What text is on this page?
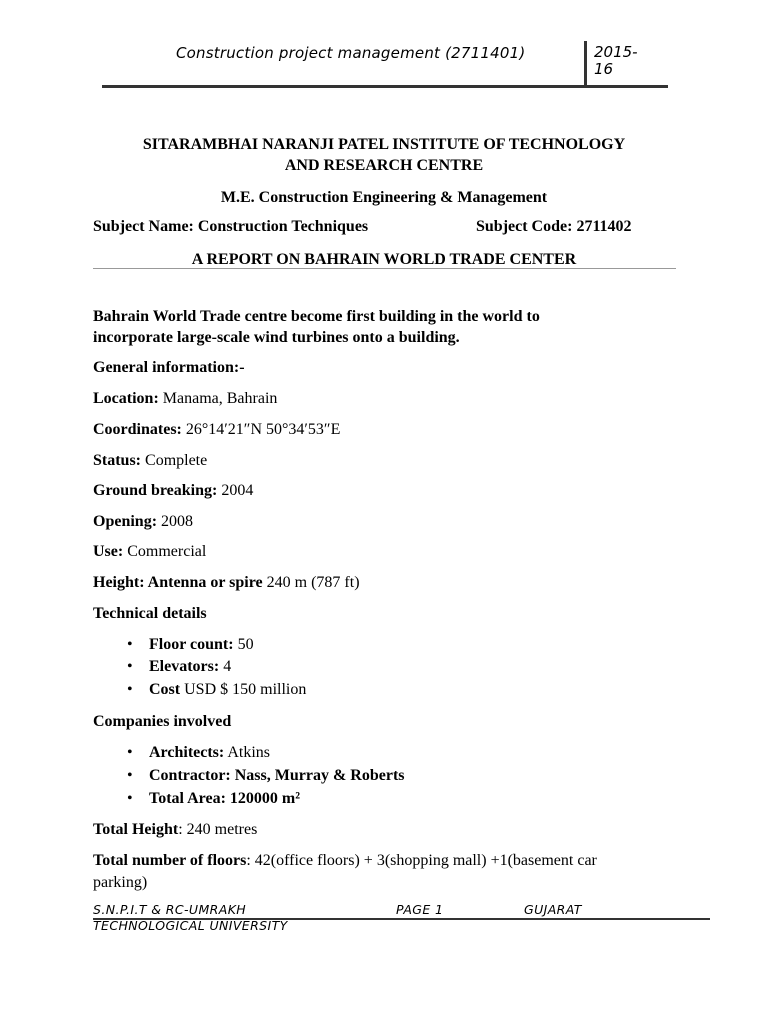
Construction project management (2711401)	2015-16
SITARAMBHAI NARANJI PATEL INSTITUTE OF TECHNOLOGY
AND RESEARCH CENTRE
M.E. Construction Engineering & Management
Subject Name: Construction Techniques	Subject Code: 2711402
A REPORT ON BAHRAIN WORLD TRADE CENTER
Bahrain World Trade centre become first building in the world to
incorporate large-scale wind turbines onto a building.
General information:-
Location: Manama, Bahrain
Coordinates: 26°14′21″N 50°34′53″E
Status: Complete
Ground breaking: 2004
Opening: 2008
Use: Commercial
Height: Antenna or spire 240 m (787 ft)
Technical details
• Floor count: 50
• Elevators: 4
• Cost USD $ 150 million
Companies involved
• Architects: Atkins
• Contractor: Nass, Murray & Roberts
• Total Area: 120000 m²
Total Height: 240 metres
Total number of floors: 42(office floors) + 3(shopping mall) +1(basement car
parking)
S.N.P.I.T & RC-UMRAKH	PAGE 1	GUJARAT
TECHNOLOGICAL UNIVERSITY
